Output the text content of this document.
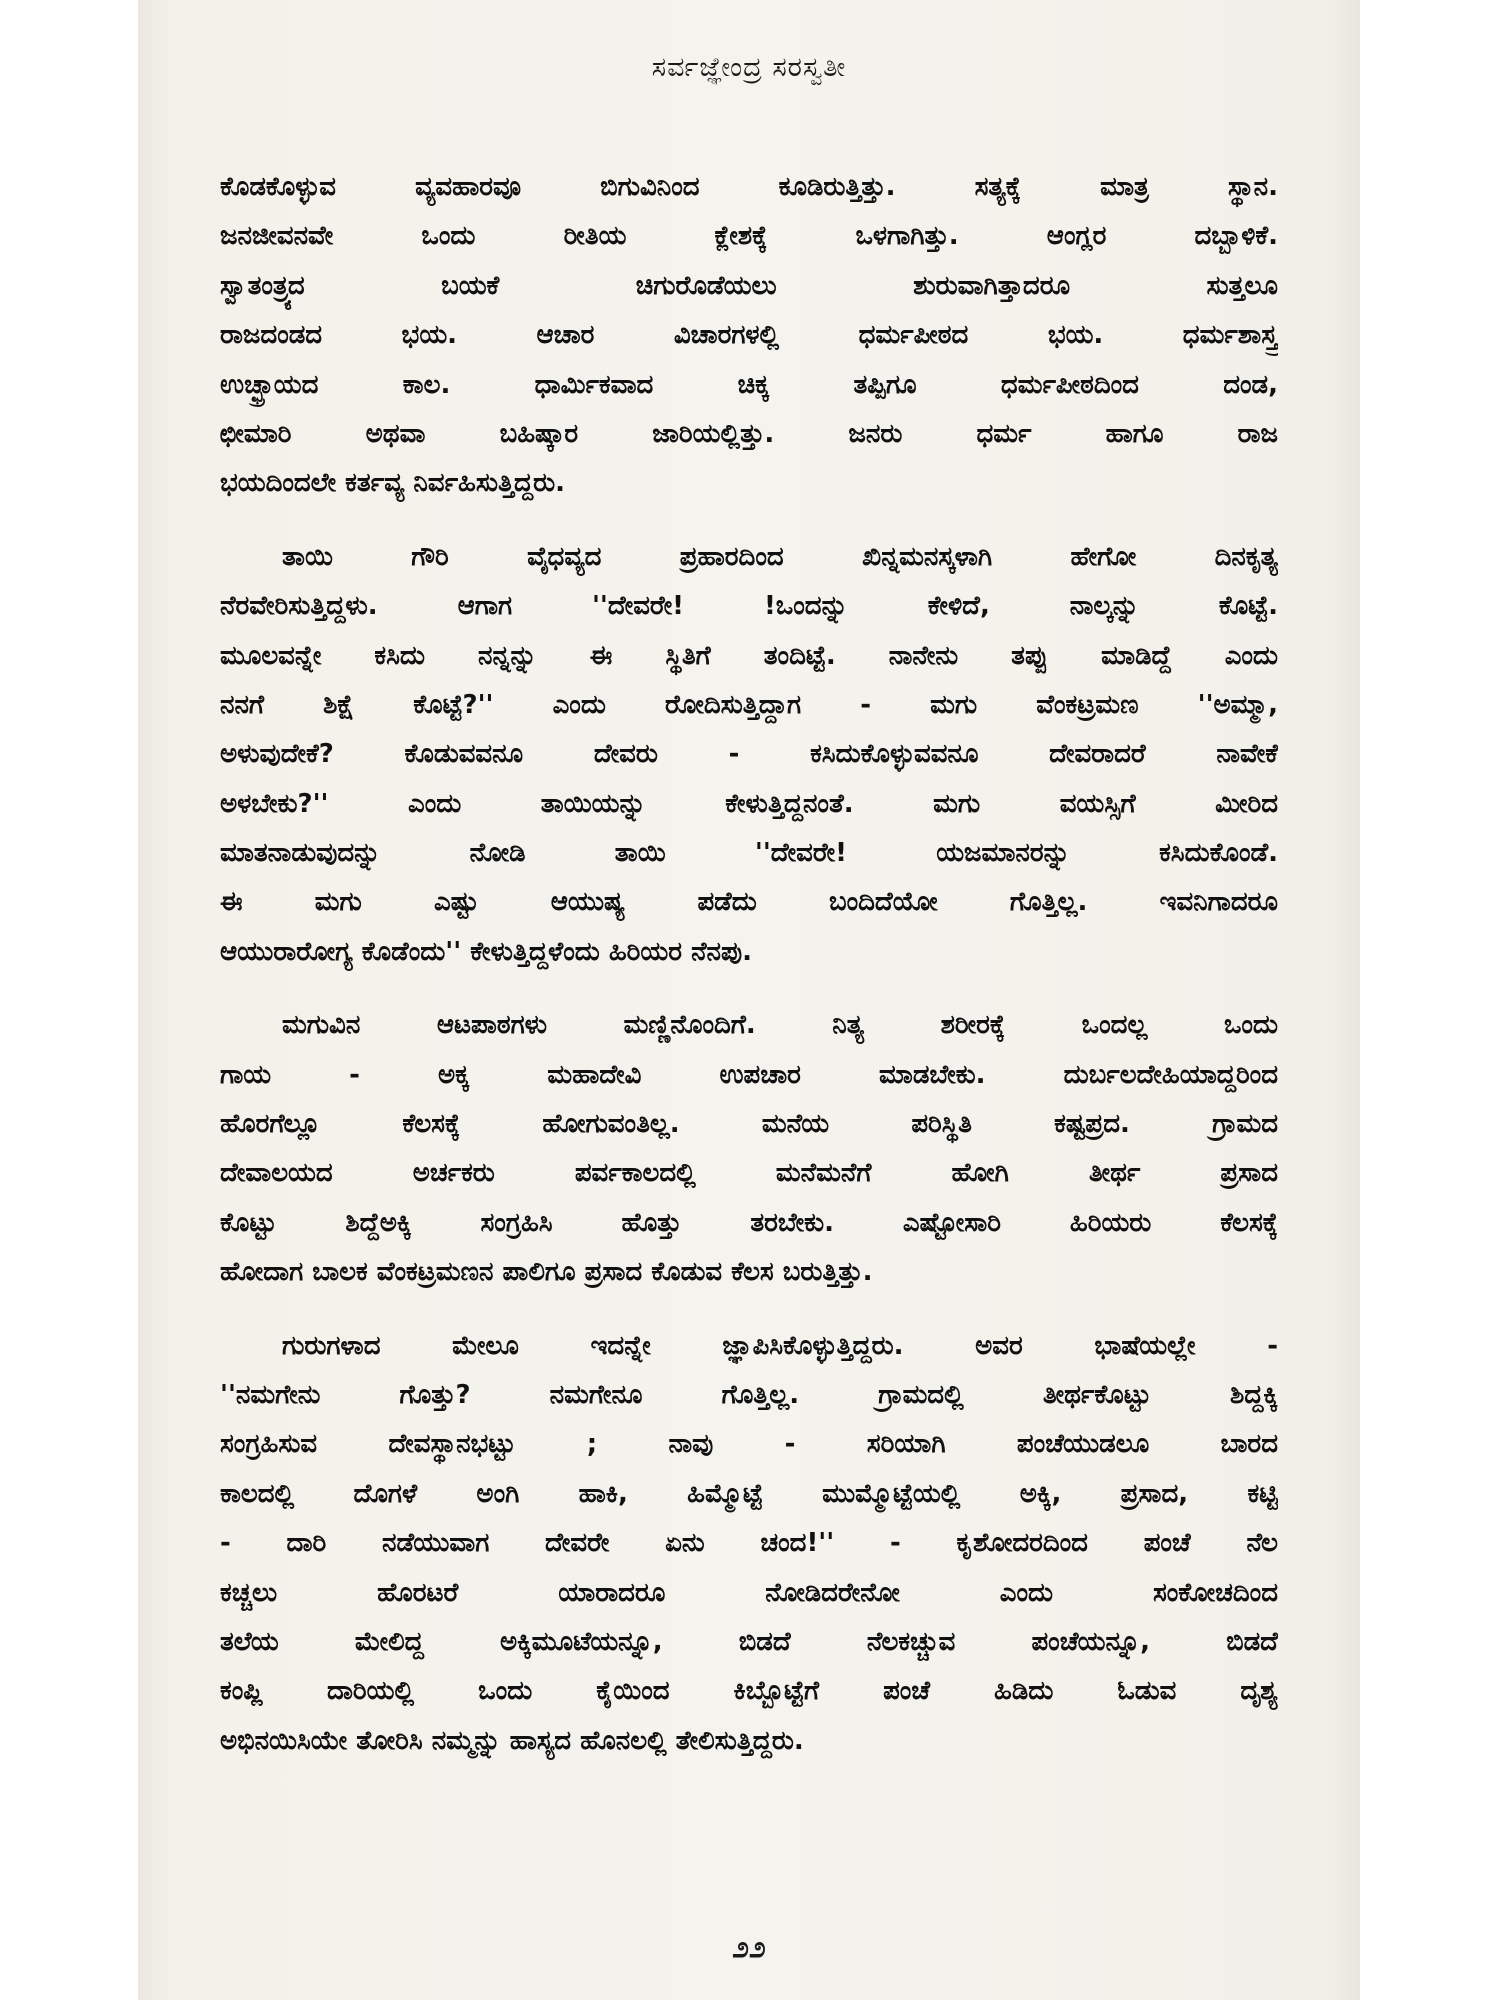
ಸರ್ವಜ್ಞೇಂದ್ರ ಸರಸ್ವತೀ
ಕೊಡಕೊಳ್ಳುವ ವ್ಯವಹಾರವೂ ಬಿಗುವಿನಿಂದ ಕೂಡಿರುತ್ತಿತ್ತು. ಸತ್ಯಕ್ಕೆ ಮಾತ್ರ ಸ್ಥಾನ.
ಜನಜೀವನವೇ ಒಂದು ರೀತಿಯ ಕ್ಲೇಶಕ್ಕೆ ಒಳಗಾಗಿತ್ತು. ಆಂಗ್ಲರ ದಬ್ಬಾಳಿಕೆ.
ಸ್ವಾತಂತ್ರ್ಯದ ಬಯಕೆ ಚಿಗುರೊಡೆಯಲು ಶುರುವಾಗಿತ್ತಾದರೂ ಸುತ್ತಲೂ
ರಾಜದಂಡದ ಭಯ. ಆಚಾರ ವಿಚಾರಗಳಲ್ಲಿ ಧರ್ಮಪೀಠದ ಭಯ. ಧರ್ಮಶಾಸ್ತ್ರ
ಉಚ್ಛ್ರಾಯದ ಕಾಲ. ಧಾರ್ಮಿಕವಾದ ಚಿಕ್ಕ ತಪ್ಪಿಗೂ ಧರ್ಮಪೀಠದಿಂದ ದಂಡ,
ಛೀಮಾರಿ ಅಥವಾ ಬಹಿಷ್ಕಾರ ಜಾರಿಯಲ್ಲಿತ್ತು. ಜನರು ಧರ್ಮ ಹಾಗೂ ರಾಜ
ಭಯದಿಂದಲೇ ಕರ್ತವ್ಯ ನಿರ್ವಹಿಸುತ್ತಿದ್ದರು.
ತಾಯಿ ಗೌರಿ ವೈಧವ್ಯದ ಪ್ರಹಾರದಿಂದ ಖಿನ್ನಮನಸ್ಕಳಾಗಿ ಹೇಗೋ ದಿನಕೃತ್ಯ
ನೆರವೇರಿಸುತ್ತಿದ್ದಳು. ಆಗಾಗ ''ದೇವರೇ! !ಒಂದನ್ನು ಕೇಳಿದೆ, ನಾಲ್ಕನ್ನು ಕೊಟ್ಟೆ.
ಮೂಲವನ್ನೇ ಕಸಿದು ನನ್ನನ್ನು ಈ ಸ್ಥಿತಿಗೆ ತಂದಿಟ್ಟೆ. ನಾನೇನು ತಪ್ಪು ಮಾಡಿದ್ದೆ ಎಂದು
ನನಗೆ ಶಿಕ್ಷೆ ಕೊಟ್ಟೆ?'' ಎಂದು ರೋದಿಸುತ್ತಿದ್ದಾಗ - ಮಗು ವೆಂಕಟ್ರಮಣ ''ಅಮ್ಮಾ,
ಅಳುವುದೇಕೆ? ಕೊಡುವವನೂ ದೇವರು - ಕಸಿದುಕೊಳ್ಳುವವನೂ ದೇವರಾದರೆ ನಾವೇಕೆ
ಅಳಬೇಕು?'' ಎಂದು ತಾಯಿಯನ್ನು ಕೇಳುತ್ತಿದ್ದನಂತೆ. ಮಗು ವಯಸ್ಸಿಗೆ ಮೀರಿದ
ಮಾತನಾಡುವುದನ್ನು ನೋಡಿ ತಾಯಿ ''ದೇವರೇ! ಯಜಮಾನರನ್ನು ಕಸಿದುಕೊಂಡೆ.
ಈ ಮಗು ಎಷ್ಟು ಆಯುಷ್ಯ ಪಡೆದು ಬಂದಿದೆಯೋ ಗೊತ್ತಿಲ್ಲ. ಇವನಿಗಾದರೂ
ಆಯುರಾರೋಗ್ಯ ಕೊಡೆಂದು'' ಕೇಳುತ್ತಿದ್ದಳೆಂದು ಹಿರಿಯರ ನೆನಪು.
ಮಗುವಿನ ಆಟಪಾಠಗಳು ಮಣ್ಣಿನೊಂದಿಗೆ. ನಿತ್ಯ ಶರೀರಕ್ಕೆ ಒಂದಲ್ಲ ಒಂದು
ಗಾಯ - ಅಕ್ಕ ಮಹಾದೇವಿ ಉಪಚಾರ ಮಾಡಬೇಕು. ದುರ್ಬಲದೇಹಿಯಾದ್ದರಿಂದ
ಹೊರಗೆಲ್ಲೂ ಕೆಲಸಕ್ಕೆ ಹೋಗುವಂತಿಲ್ಲ. ಮನೆಯ ಪರಿಸ್ಥಿತಿ ಕಷ್ಟಪ್ರದ. ಗ್ರಾಮದ
ದೇವಾಲಯದ ಅರ್ಚಕರು ಪರ್ವಕಾಲದಲ್ಲಿ ಮನೆಮನೆಗೆ ಹೋಗಿ ತೀರ್ಥ ಪ್ರಸಾದ
ಕೊಟ್ಟು ಶಿದ್ದೆಅಕ್ಕಿ ಸಂಗ್ರಹಿಸಿ ಹೊತ್ತು ತರಬೇಕು. ಎಷ್ಟೋಸಾರಿ ಹಿರಿಯರು ಕೆಲಸಕ್ಕೆ
ಹೋದಾಗ ಬಾಲಕ ವೆಂಕಟ್ರಮಣನ ಪಾಲಿಗೂ ಪ್ರಸಾದ ಕೊಡುವ ಕೆಲಸ ಬರುತ್ತಿತ್ತು.
ಗುರುಗಳಾದ ಮೇಲೂ ಇದನ್ನೇ ಜ್ಞಾಪಿಸಿಕೊಳ್ಳುತ್ತಿದ್ದರು. ಅವರ ಭಾಷೆಯಲ್ಲೇ -
''ನಮಗೇನು ಗೊತ್ತು? ನಮಗೇನೂ ಗೊತ್ತಿಲ್ಲ. ಗ್ರಾಮದಲ್ಲಿ ತೀರ್ಥಕೊಟ್ಟು ಶಿದ್ದಕ್ಕಿ
ಸಂಗ್ರಹಿಸುವ ದೇವಸ್ಥಾನಭಟ್ಟು ; ನಾವು - ಸರಿಯಾಗಿ ಪಂಚೆಯುಡಲೂ ಬಾರದ
ಕಾಲದಲ್ಲಿ ದೊಗಳೆ ಅಂಗಿ ಹಾಕಿ, ಹಿಮ್ಮೊಟ್ಟೆ ಮುಮ್ಮೊಟ್ಟೆಯಲ್ಲಿ ಅಕ್ಕಿ, ಪ್ರಸಾದ, ಕಟ್ಟಿ
- ದಾರಿ ನಡೆಯುವಾಗ ದೇವರೇ ಏನು ಚಂದ!'' - ಕೃಶೋದರದಿಂದ ಪಂಚೆ ನೆಲ
ಕಚ್ಚಲು ಹೊರಟರೆ ಯಾರಾದರೂ ನೋಡಿದರೇನೋ ಎಂದು ಸಂಕೋಚದಿಂದ
ತಲೆಯ ಮೇಲಿದ್ದ ಅಕ್ಕಿಮೂಟೆಯನ್ನೂ, ಬಿಡದೆ ನೆಲಕಚ್ಚುವ ಪಂಚೆಯನ್ನೂ, ಬಿಡದೆ
ಕಂಪ್ಲಿ ದಾರಿಯಲ್ಲಿ ಒಂದು ಕೈಯಿಂದ ಕಿಬ್ಬೊಟ್ಟೆಗೆ ಪಂಚೆ ಹಿಡಿದು ಓಡುವ ದೃಶ್ಯ
ಅಭಿನಯಿಸಿಯೇ ತೋರಿಸಿ ನಮ್ಮನ್ನು ಹಾಸ್ಯದ ಹೊನಲಲ್ಲಿ ತೇಲಿಸುತ್ತಿದ್ದರು.
೨೨
